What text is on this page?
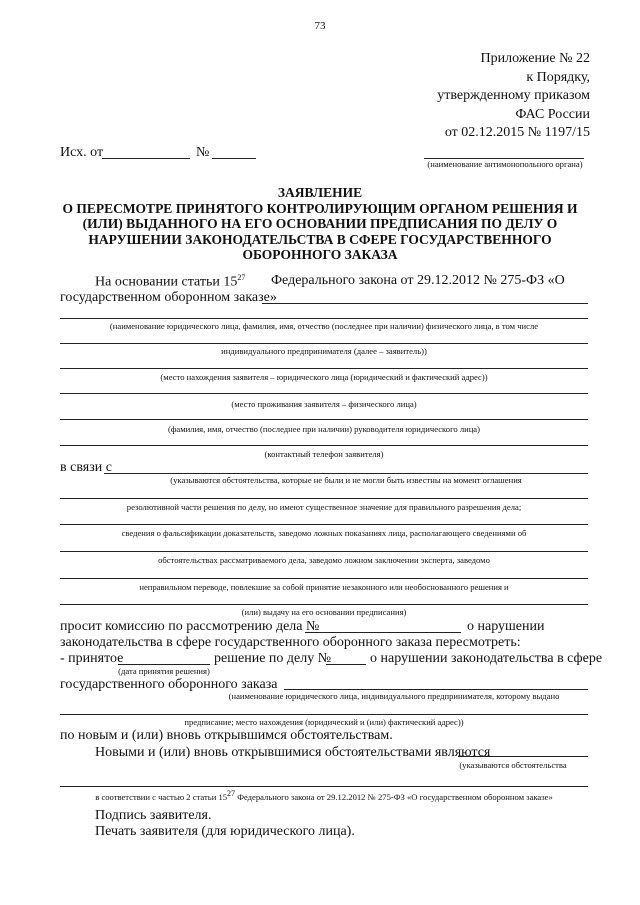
73
Приложение № 22
к Порядку,
утвержденному приказом
ФАС России
от 02.12.2015 № 1197/15
Исх. от	№
(наименование антимонопольного органа)
ЗАЯВЛЕНИЕ
О ПЕРЕСМОТРЕ ПРИНЯТОГО КОНТРОЛИРУЮЩИМ ОРГАНОМ РЕШЕНИЯ И
(ИЛИ) ВЫДАННОГО НА ЕГО ОСНОВАНИИ ПРЕДПИСАНИЯ ПО ДЕЛУ О
НАРУШЕНИИ ЗАКОНОДАТЕЛЬСТВА В СФЕРЕ ГОСУДАРСТВЕННОГО
ОБОРОННОГО ЗАКАЗА
На основании статьи $15^{27}$ Федерального закона от 29.12.2012 № 275-ФЗ «О
государственном оборонном заказе»
(наименование юридического лица, фамилия, имя, отчество (последнее при наличии) физического лица, в том числе
индивидуального предпринимателя (далее – заявитель))
(место нахождения заявителя – юридического лица (юридический и фактический адрес))
(место проживания заявителя – физического лица)
(фамилия, имя, отчество (последнее при наличии) руководителя юридического лица)
(контактный телефон заявителя)
в связи с
(указываются обстоятельства, которые не были и не могли быть известны на момент оглашения
резолютивной части решения по делу, но имеют существенное значение для правильного разрешения дела;
сведения о фальсификации доказательств, заведомо ложных показаниях лица, располагающего сведениями об
обстоятельствах рассматриваемого дела, заведомо ложном заключении эксперта, заведомо
неправильном переводе, повлекшие за собой принятие незаконного или необоснованного решения и
(или) выдачу на его основании предписания)
просит комиссию по рассмотрению дела №	о нарушении
законодательства в сфере государственного оборонного заказа пересмотреть:
- принятое
(дата принятия решения)
решение по делу №	о нарушении законодательства в сфере
государственного оборонного заказа
(наименование юридического лица, индивидуального предпринимателя, которому выдано
предписание; место нахождения (юридический и (или) фактический адрес))
по новым и (или) вновь открывшимся обстоятельствам.
Новыми и (или) вновь открывшимися обстоятельствами являются
(указываются обстоятельства
в соответствии с частью 2 статьи $15^{27}$ Федерального закона от 29.12.2012 № 275-ФЗ «О государственном оборонном заказе»
Подпись заявителя.
Печать заявителя (для юридического лица).
